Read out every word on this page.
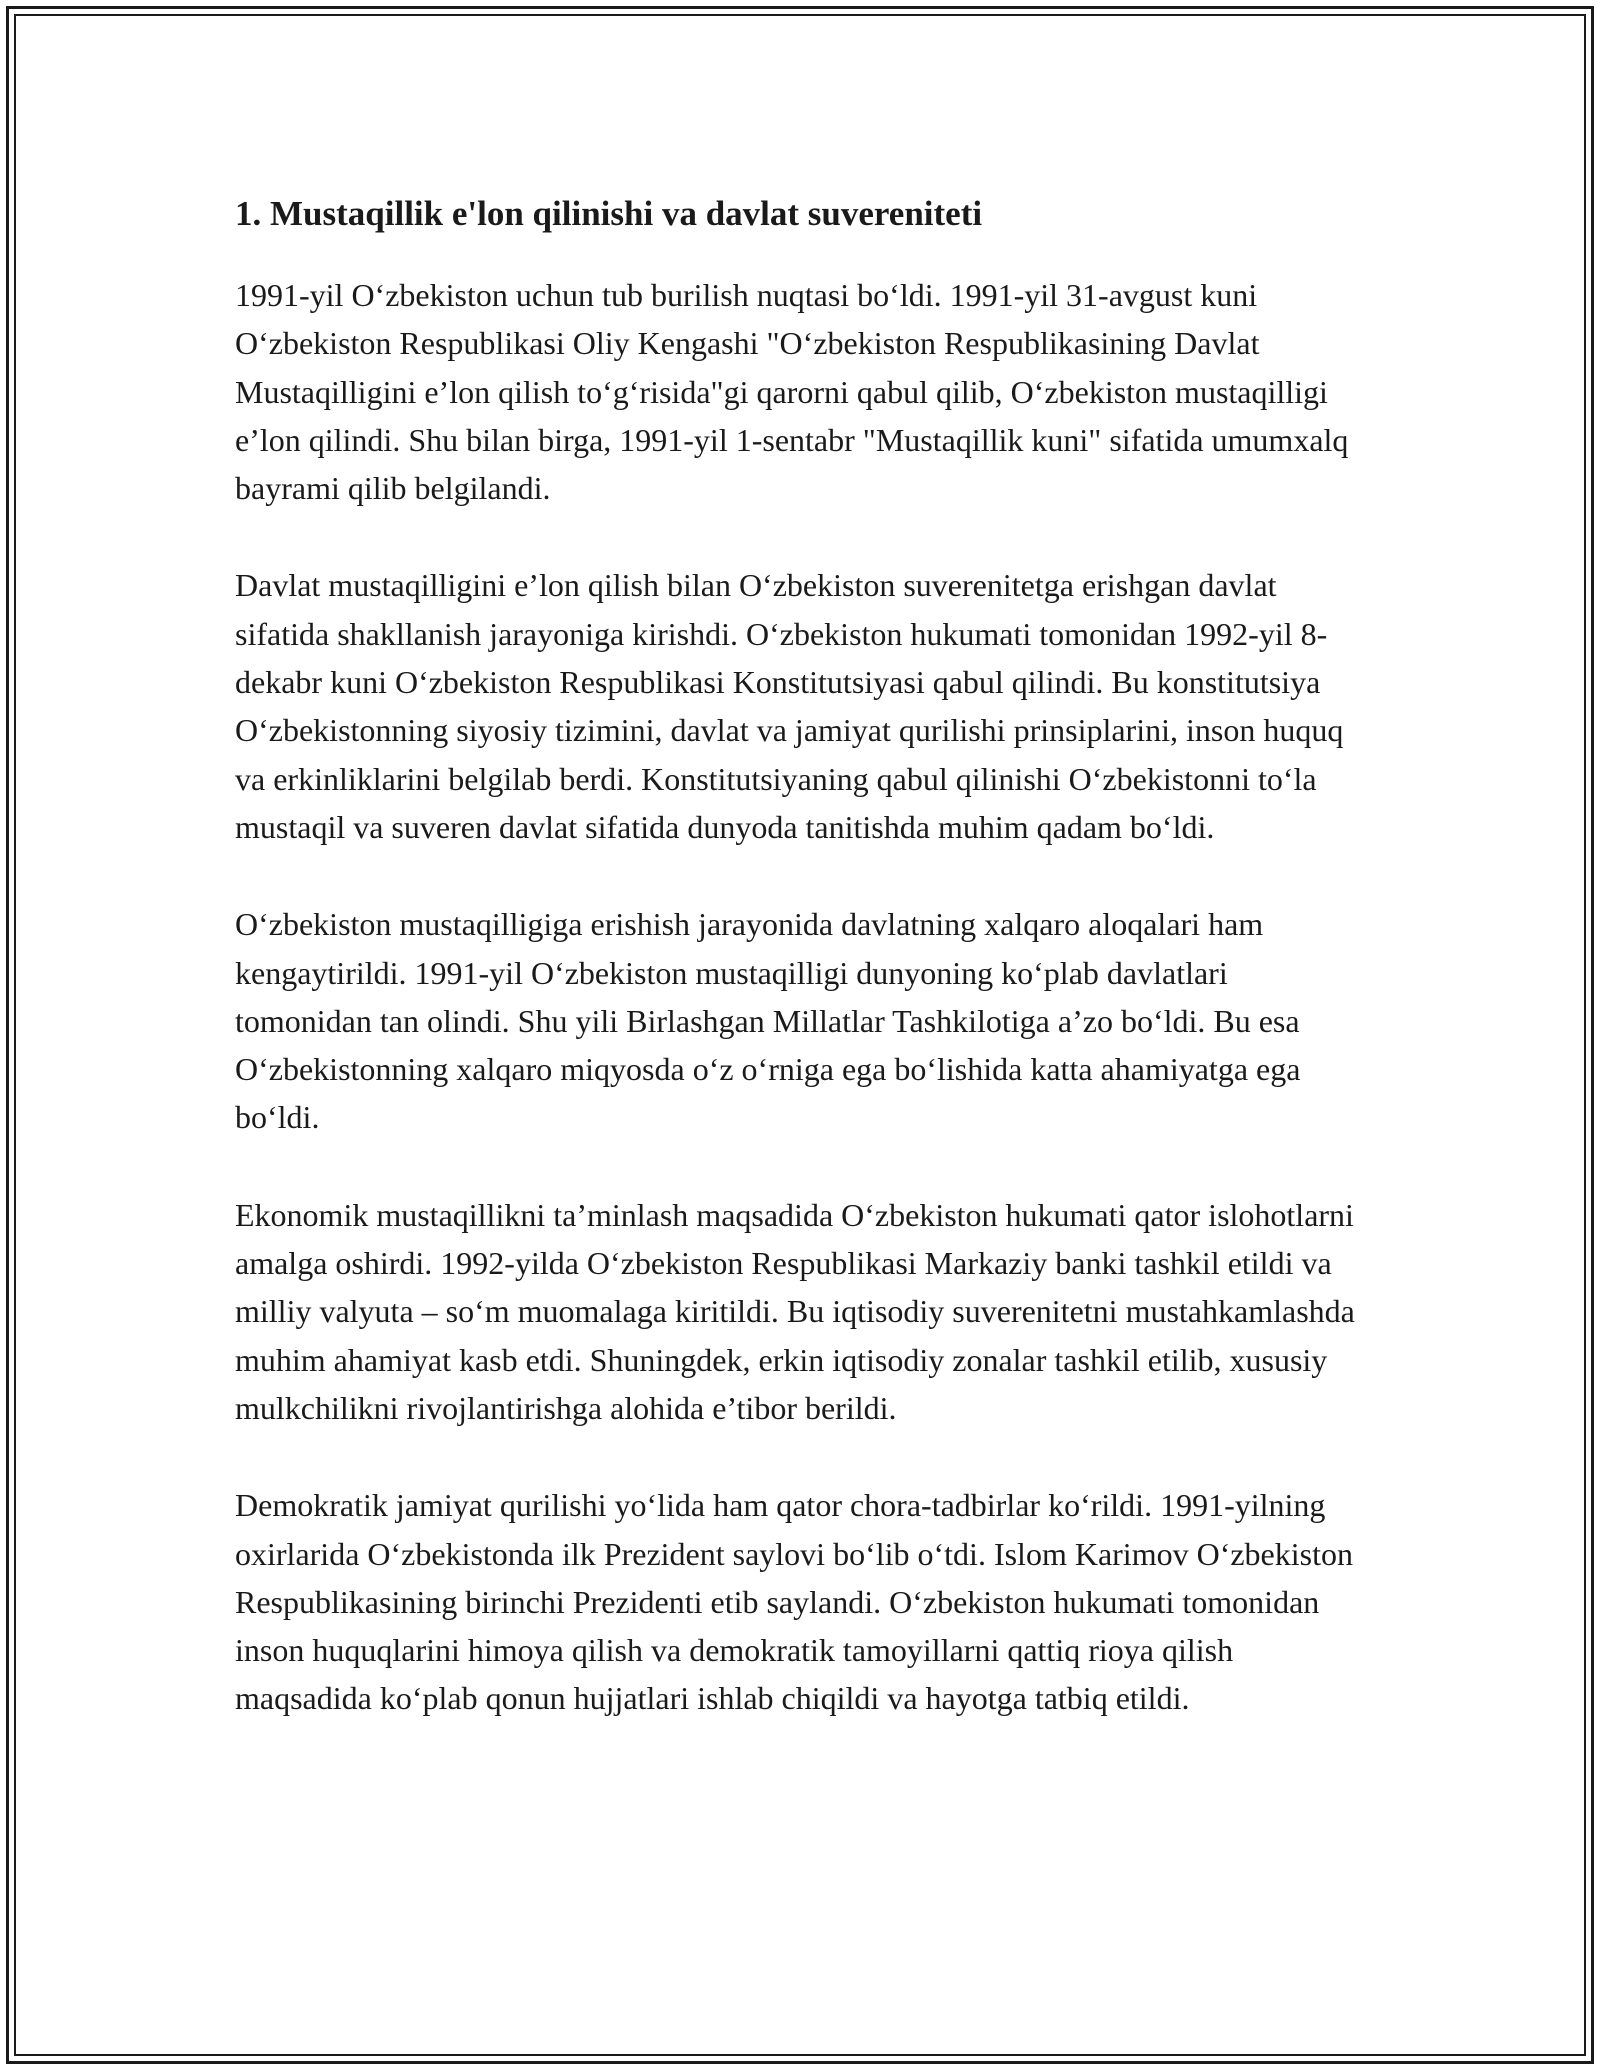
1. Mustaqillik e'lon qilinishi va davlat suvereniteti

1991-yil O‘zbekiston uchun tub burilish nuqtasi bo‘ldi. 1991-yil 31-avgust kuni O‘zbekiston Respublikasi Oliy Kengashi "O‘zbekiston Respublikasining Davlat Mustaqilligini e’lon qilish to‘g‘risida"gi qarorni qabul qilib, O‘zbekiston mustaqilligi e’lon qilindi. Shu bilan birga, 1991-yil 1-sentabr "Mustaqillik kuni" sifatida umumxalq bayrami qilib belgilandi.

Davlat mustaqilligini e’lon qilish bilan O‘zbekiston suverenitetga erishgan davlat sifatida shakllanish jarayoniga kirishdi. O‘zbekiston hukumati tomonidan 1992-yil 8-dekabr kuni O‘zbekiston Respublikasi Konstitutsiyasi qabul qilindi. Bu konstitutsiya O‘zbekistonning siyosiy tizimini, davlat va jamiyat qurilishi prinsiplarini, inson huquq va erkinliklarini belgilab berdi. Konstitutsiyaning qabul qilinishi O‘zbekistonni to‘la mustaqil va suveren davlat sifatida dunyoda tanitishda muhim qadam bo‘ldi.

O‘zbekiston mustaqilligiga erishish jarayonida davlatning xalqaro aloqalari ham kengaytirildi. 1991-yil O‘zbekiston mustaqilligi dunyoning ko‘plab davlatlari tomonidan tan olindi. Shu yili Birlashgan Millatlar Tashkilotiga a’zo bo‘ldi. Bu esa O‘zbekistonning xalqaro miqyosda o‘z o‘rniga ega bo‘lishida katta ahamiyatga ega bo‘ldi.

Ekonomik mustaqillikni ta’minlash maqsadida O‘zbekiston hukumati qator islohotlarni amalga oshirdi. 1992-yilda O‘zbekiston Respublikasi Markaziy banki tashkil etildi va milliy valyuta – so‘m muomalaga kiritildi. Bu iqtisodiy suverenitetni mustahkamlashda muhim ahamiyat kasb etdi. Shuningdek, erkin iqtisodiy zonalar tashkil etilib, xususiy mulkchilikni rivojlantirishga alohida e’tibor berildi.

Demokratik jamiyat qurilishi yo‘lida ham qator chora-tadbirlar ko‘rildi. 1991-yilning oxirlarida O‘zbekistonda ilk Prezident saylovi bo‘lib o‘tdi. Islom Karimov O‘zbekiston Respublikasining birinchi Prezidenti etib saylandi. O‘zbekiston hukumati tomonidan inson huquqlarini himoya qilish va demokratik tamoyillarni qattiq rioya qilish maqsadida ko‘plab qonun hujjatlari ishlab chiqildi va hayotga tatbiq etildi.
